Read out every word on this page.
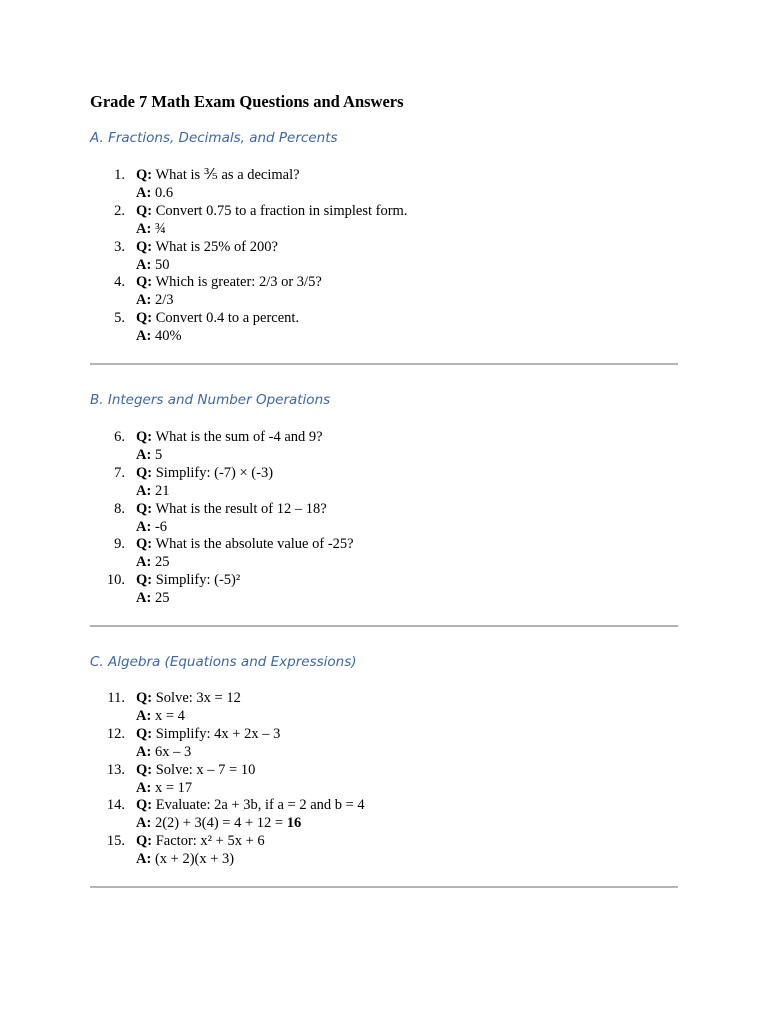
Grade 7 Math Exam Questions and Answers

A. Fractions, Decimals, and Percents

1. Q: What is ⅗ as a decimal?
A: 0.6
2. Q: Convert 0.75 to a fraction in simplest form.
A: ¾
3. Q: What is 25% of 200?
A: 50
4. Q: Which is greater: 2/3 or 3/5?
A: 2/3
5. Q: Convert 0.4 to a percent.
A: 40%

B. Integers and Number Operations

6. Q: What is the sum of -4 and 9?
A: 5
7. Q: Simplify: (-7) × (-3)
A: 21
8. Q: What is the result of 12 – 18?
A: -6
9. Q: What is the absolute value of -25?
A: 25
10. Q: Simplify: (-5)²
A: 25

C. Algebra (Equations and Expressions)

11. Q: Solve: 3x = 12
A: x = 4
12. Q: Simplify: 4x + 2x – 3
A: 6x – 3
13. Q: Solve: x – 7 = 10
A: x = 17
14. Q: Evaluate: 2a + 3b, if a = 2 and b = 4
A: 2(2) + 3(4) = 4 + 12 = 16
15. Q: Factor: x² + 5x + 6
A: (x + 2)(x + 3)
